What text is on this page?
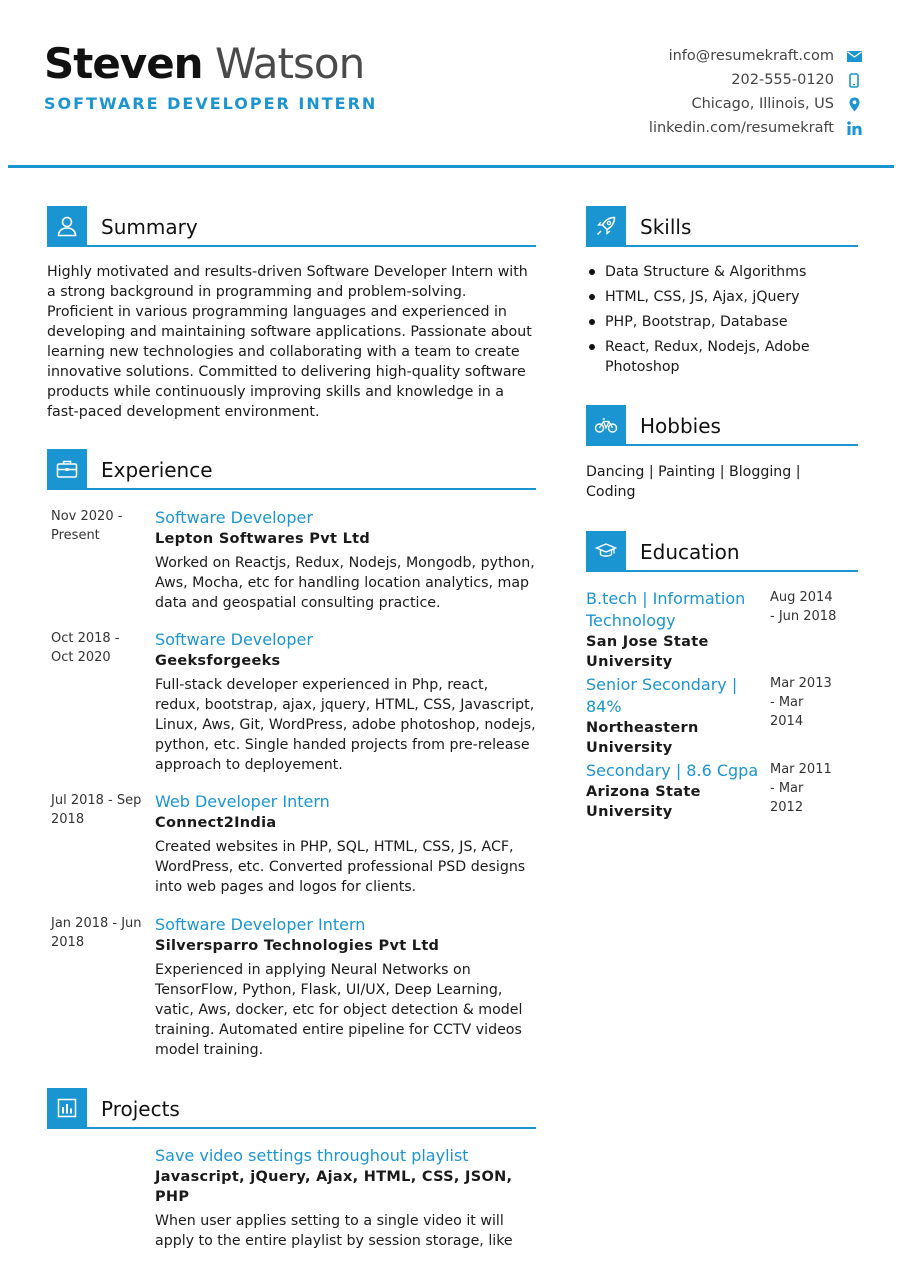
Steven Watson
SOFTWARE DEVELOPER INTERN
info@resumekraft.com
202-555-0120
Chicago, Illinois, US
linkedin.com/resumekraft
Summary
Highly motivated and results-driven Software Developer Intern with a strong background in programming and problem-solving. Proficient in various programming languages and experienced in developing and maintaining software applications. Passionate about learning new technologies and collaborating with a team to create innovative solutions. Committed to delivering high-quality software products while continuously improving skills and knowledge in a fast-paced development environment.
Experience
Nov 2020 - Present
Software Developer
Lepton Softwares Pvt Ltd
Worked on Reactjs, Redux, Nodejs, Mongodb, python, Aws, Mocha, etc for handling location analytics, map data and geospatial consulting practice.
Oct 2018 - Oct 2020
Software Developer
Geeksforgeeks
Full-stack developer experienced in Php, react, redux, bootstrap, ajax, jquery, HTML, CSS, Javascript, Linux, Aws, Git, WordPress, adobe photoshop, nodejs, python, etc. Single handed projects from pre-release approach to deployement.
Jul 2018 - Sep 2018
Web Developer Intern
Connect2India
Created websites in PHP, SQL, HTML, CSS, JS, ACF, WordPress, etc. Converted professional PSD designs into web pages and logos for clients.
Jan 2018 - Jun 2018
Software Developer Intern
Silversparro Technologies Pvt Ltd
Experienced in applying Neural Networks on TensorFlow, Python, Flask, UI/UX, Deep Learning, vatic, Aws, docker, etc for object detection & model training. Automated entire pipeline for CCTV videos model training.
Projects
Save video settings throughout playlist
Javascript, jQuery, Ajax, HTML, CSS, JSON, PHP
When user applies setting to a single video it will apply to the entire playlist by session storage, like
Skills
Data Structure & Algorithms
HTML, CSS, JS, Ajax, jQuery
PHP, Bootstrap, Database
React, Redux, Nodejs, Adobe Photoshop
Hobbies
Dancing | Painting | Blogging | Coding
Education
B.tech | Information Technology
Aug 2014 - Jun 2018
San Jose State University
Senior Secondary | 84%
Mar 2013 - Mar 2014
Northeastern University
Secondary | 8.6 Cgpa Mar 2011 - Mar 2012
Arizona State University
